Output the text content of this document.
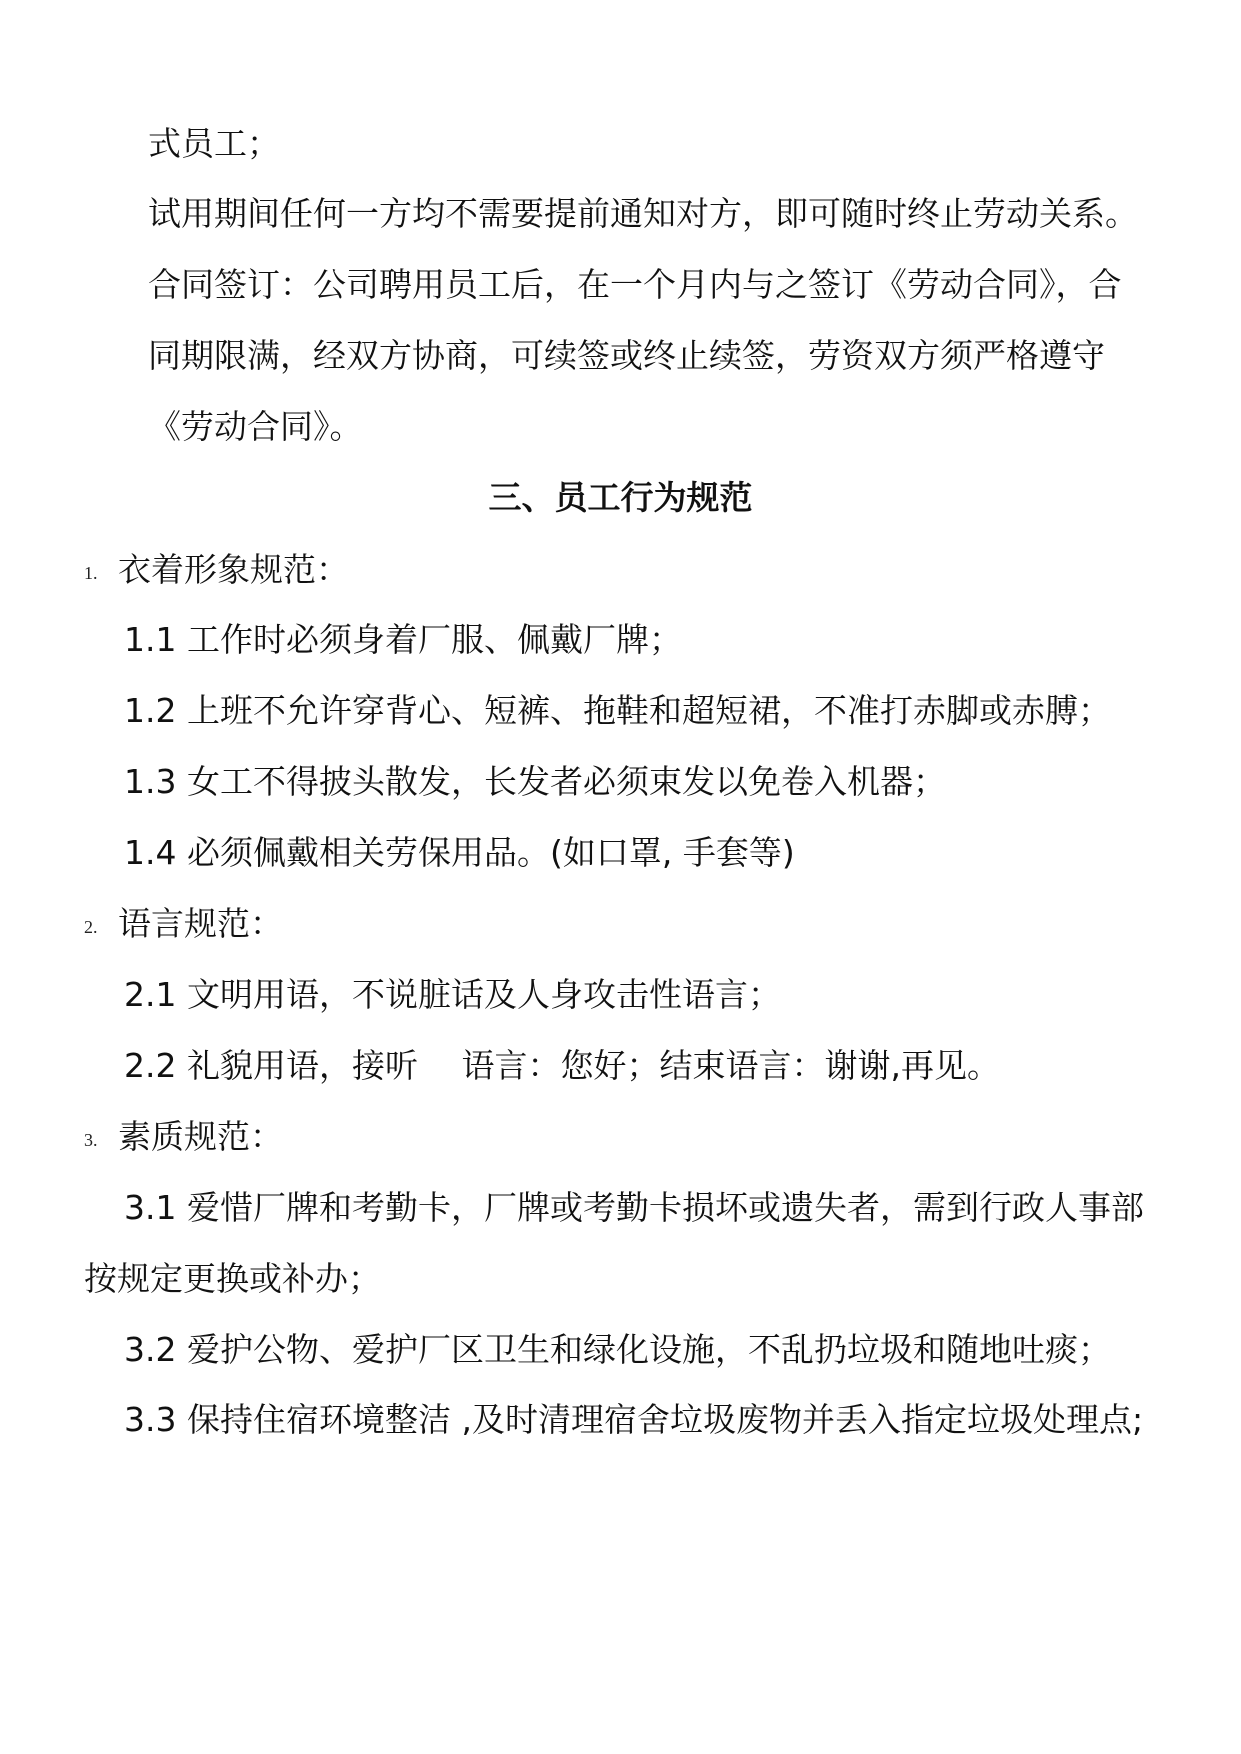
式员工；
试用期间任何一方均不需要提前通知对方，即可随时终止劳动关系。
合同签订：公司聘用员工后，在一个月内与之签订《劳动合同》，合
同期限满，经双方协商，可续签或终止续签，劳资双方须严格遵守
《劳动合同》。
三、员工行为规范
1. 衣着形象规范：
1.1 工作时必须身着厂服、佩戴厂牌；
1.2 上班不允许穿背心、短裤、拖鞋和超短裙，不准打赤脚或赤膊；
1.3 女工不得披头散发，长发者必须束发以免卷入机器；
1.4 必须佩戴相关劳保用品。(如口罩, 手套等)
2. 语言规范：
2.1 文明用语，不说脏话及人身攻击性语言；
2.2 礼貌用语，接听　 语言：您好；结束语言：谢谢,再见。
3. 素质规范：
3.1 爱惜厂牌和考勤卡，厂牌或考勤卡损坏或遗失者，需到行政人事部
按规定更换或补办；
3.2 爱护公物、爱护厂区卫生和绿化设施，不乱扔垃圾和随地吐痰；
3.3 保持住宿环境整洁 ,及时清理宿舍垃圾废物并丢入指定垃圾处理点;
